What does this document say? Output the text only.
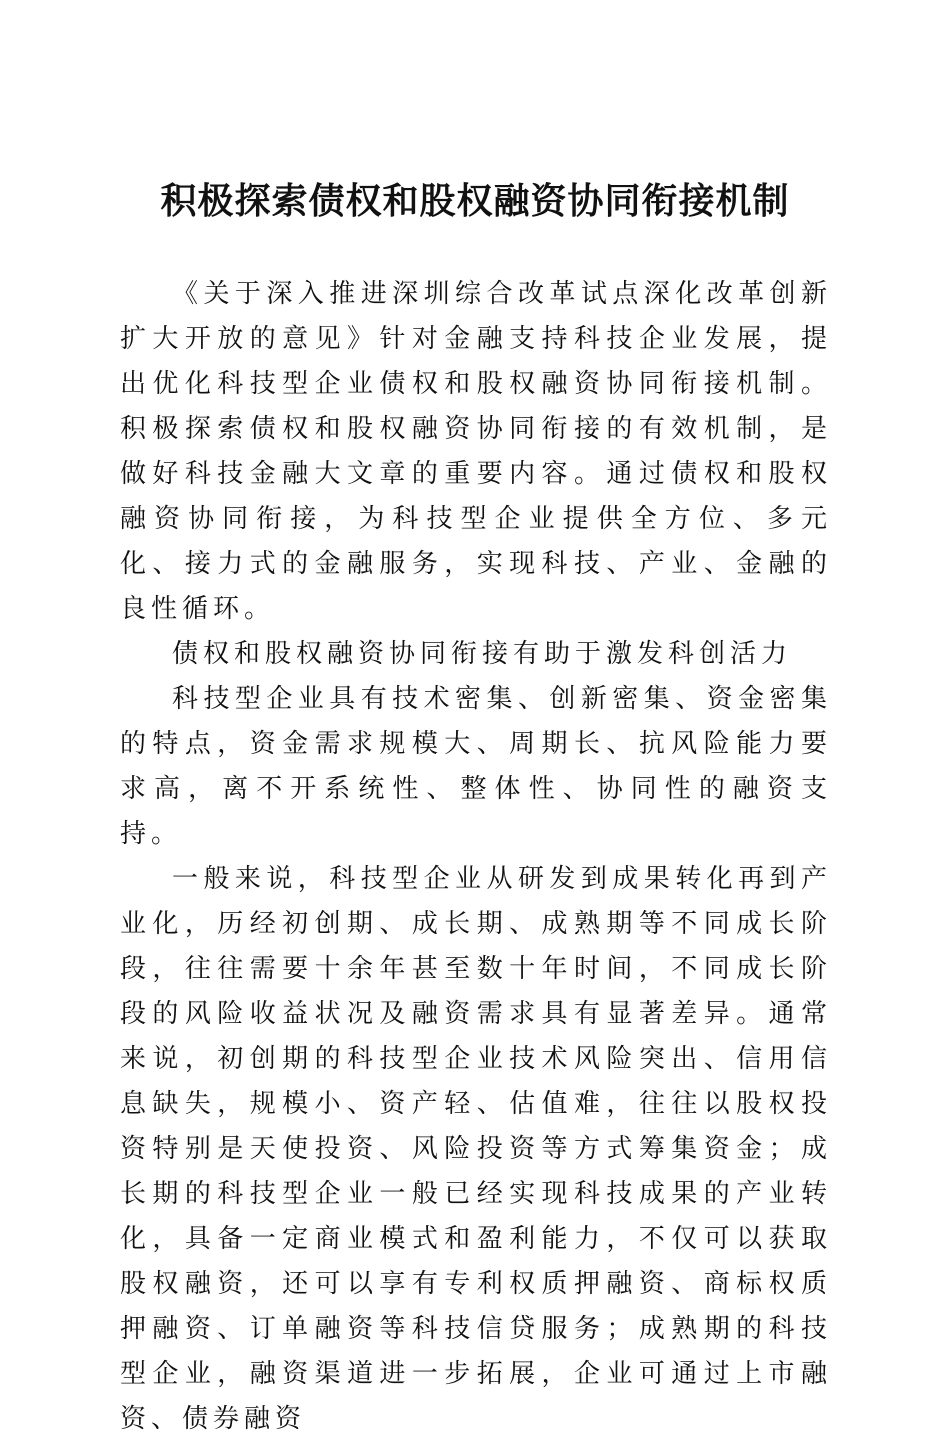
积极探索债权和股权融资协同衔接机制

《关于深入推进深圳综合改革试点深化改革创新扩大开放的意见》针对金融支持科技企业发展，提出优化科技型企业债权和股权融资协同衔接机制。积极探索债权和股权融资协同衔接的有效机制，是做好科技金融大文章的重要内容。通过债权和股权融资协同衔接，为科技型企业提供全方位、多元化、接力式的金融服务，实现科技、产业、金融的良性循环。

债权和股权融资协同衔接有助于激发科创活力

科技型企业具有技术密集、创新密集、资金密集的特点，资金需求规模大、周期长、抗风险能力要求高，离不开系统性、整体性、协同性的融资支持。

一般来说，科技型企业从研发到成果转化再到产业化，历经初创期、成长期、成熟期等不同成长阶段，往往需要十余年甚至数十年时间，不同成长阶段的风险收益状况及融资需求具有显著差异。通常来说，初创期的科技型企业技术风险突出、信用信息缺失，规模小、资产轻、估值难，往往以股权投资特别是天使投资、风险投资等方式筹集资金；成长期的科技型企业一般已经实现科技成果的产业转化，具备一定商业模式和盈利能力，不仅可以获取股权融资，还可以享有专利权质押融资、商标权质押融资、订单融资等科技信贷服务；成熟期的科技型企业，融资渠道进一步拓展，企业可通过上市融资、债券融资
